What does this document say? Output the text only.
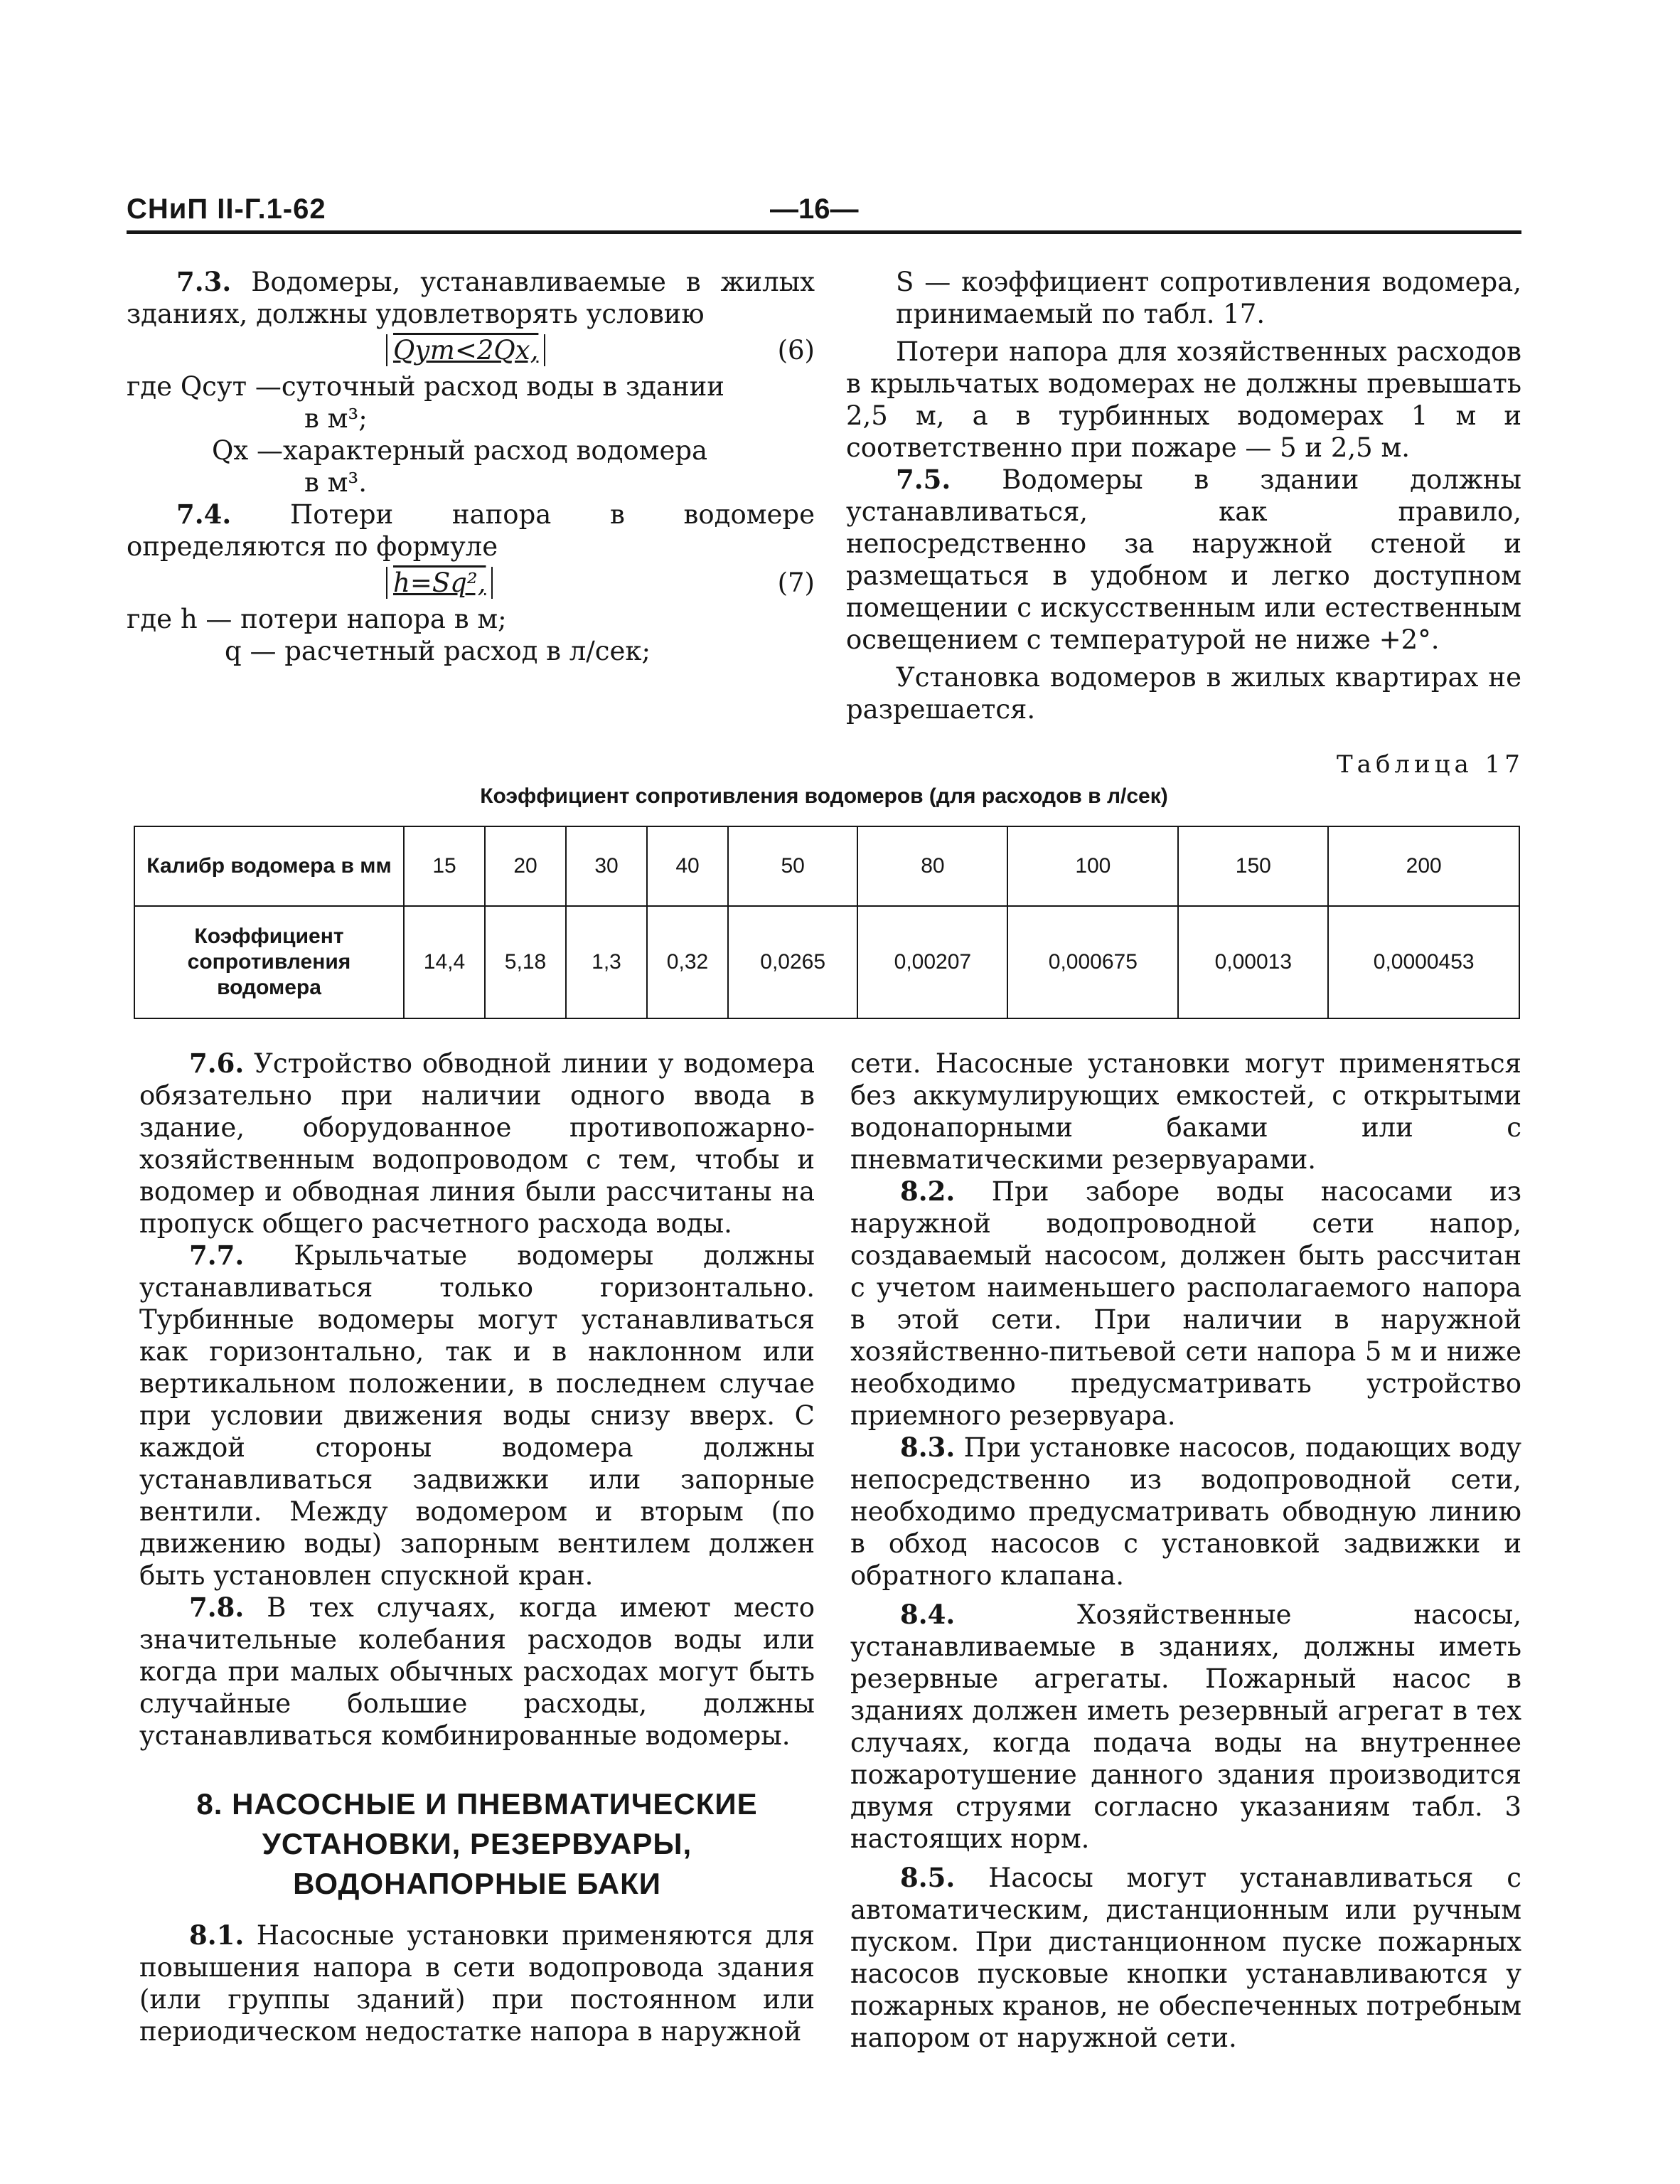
СНиП II-Г.1-62	—16—

7.3. Водомеры, устанавливаемые в жилых зданиях, должны удовлетворять условию

Qут<2Qх,	(6)
где Qсут — суточный расход воды в здании
в м³;
Qх — характерный расход водомера
в м³.

7.4. Потери напора в водомере определяются по формуле

h=Sq²,	(7)

где h — потери напора в м;

q — расчетный расход в л/сек;

S — коэффициент сопротивления водомера, принимаемый по табл. 17.

Потери напора для хозяйственных расходов в крыльчатых водомерах не должны превышать 2,5 м, а в турбинных водомерах 1 м и соответственно при пожаре — 5 и 2,5 м.

7.5. Водомеры в здании должны устанавливаться, как правило, непосредственно за наружной стеной и размещаться в удобном и легко доступном помещении с искусственным или естественным освещением с температурой не ниже +2°.

Установка водомеров в жилых квартирах не разрешается.

Таблица 17
Коэффициент сопротивления водомеров (для расходов в л/сек)
Калибр водомера в мм	15	20	30	40	50	80	100	150	200
Коэффициент сопротивления водомера	14,4	5,18	1,3	0,32	0,0265	0,00207	0,000675	0,00013	0,0000453

7.6. Устройство обводной линии у водомера обязательно при наличии одного ввода в здание, оборудованное противопожарно-хозяйственным водопроводом с тем, чтобы и водомер и обводная линия были рассчитаны на пропуск общего расчетного расхода воды.

7.7. Крыльчатые водомеры должны устанавливаться только горизонтально. Турбинные водомеры могут устанавливаться как горизонтально, так и в наклонном или вертикальном положении, в последнем случае при условии движения воды снизу вверх. С каждой стороны водомера должны устанавливаться задвижки или запорные вентили. Между водомером и вторым (по движению воды) запорным вентилем должен быть установлен спускной кран.

7.8. В тех случаях, когда имеют место значительные колебания расходов воды или когда при малых обычных расходах могут быть случайные большие расходы, должны устанавливаться комбинированные водомеры.

8. НАСОСНЫЕ И ПНЕВМАТИЧЕСКИЕ
УСТАНОВКИ, РЕЗЕРВУАРЫ,
ВОДОНАПОРНЫЕ БАКИ

8.1. Насосные установки применяются для повышения напора в сети водопровода здания (или группы зданий) при постоянном или периодическом недостатке напора в наружной

сети. Насосные установки могут применяться без аккумулирующих емкостей, с открытыми водонапорными баками или с пневматическими резервуарами.

8.2. При заборе воды насосами из наружной водопроводной сети напор, создаваемый насосом, должен быть рассчитан с учетом наименьшего располагаемого напора в этой сети. При наличии в наружной хозяйственно-питьевой сети напора 5 м и ниже необходимо предусматривать устройство приемного резервуара.

8.3. При установке насосов, подающих воду непосредственно из водопроводной сети, необходимо предусматривать обводную линию в обход насосов с установкой задвижки и обратного клапана.

8.4.	Хозяйственные насосы, устанавливаемые в зданиях, должны иметь резервные агрегаты. Пожарный насос в зданиях должен иметь резервный агрегат в тех случаях, когда подача воды на внутреннее пожаротушение данного здания производится двумя струями согласно указаниям табл. 3 настоящих норм.

8.5. Насосы могут устанавливаться с автоматическим, дистанционным или ручным пуском. При дистанционном пуске пожарных насосов пусковые кнопки устанавливаются у пожарных кранов, не обеспеченных потребным напором от наружной сети.
